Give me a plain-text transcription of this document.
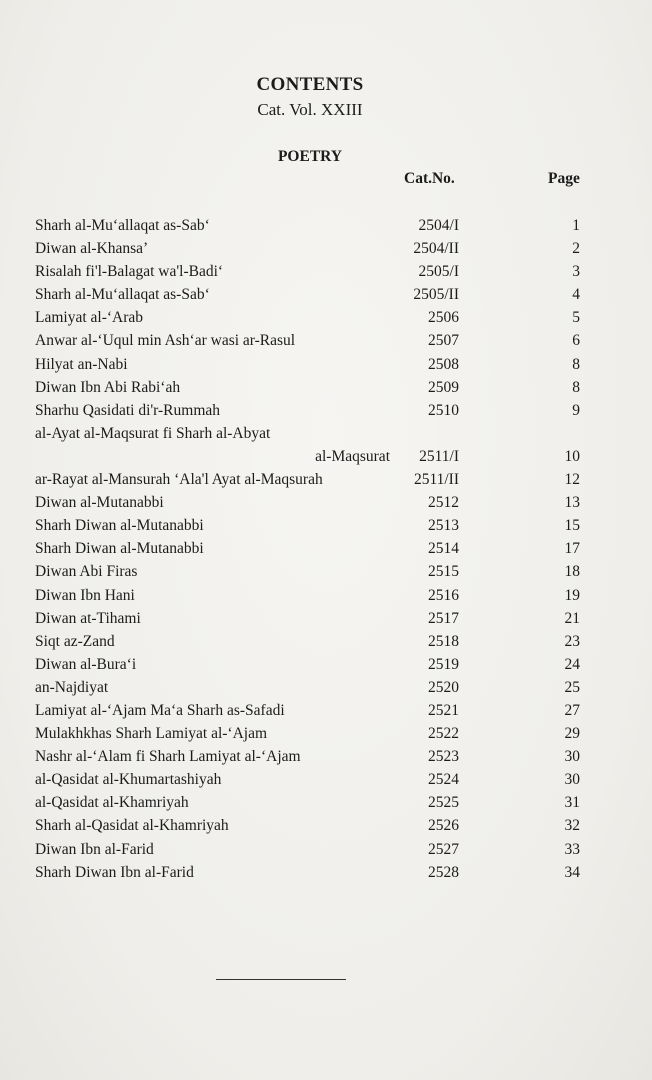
CONTENTS
Cat. Vol. XXIII
POETRY
Cat.No.	Page
Sharh al-Mu‘allaqat as-Sab‘	2504/I	1
Diwan al-Khansa’	2504/II	2
Risalah fi'l-Balagat wa'l-Badi‘	2505/I	3
Sharh al-Mu‘allaqat as-Sab‘	2505/II	4
Lamiyat al-‘Arab	2506	5
Anwar al-‘Uqul min Ash‘ar wasi ar-Rasul	2507	6
Hilyat an-Nabi	2508	8
Diwan Ibn Abi Rabi‘ah	2509	8
Sharhu Qasidati di'r-Rummah	2510	9
al-Ayat al-Maqsurat fi Sharh al-Abyat
al-Maqsurat 2511/I	10
ar-Rayat al-Mansurah ‘Ala'l Ayat al-Maqsurah	2511/II	12
Diwan al-Mutanabbi	2512	13
Sharh Diwan al-Mutanabbi	2513	15
Sharh Diwan al-Mutanabbi	2514	17
Diwan Abi Firas	2515	18
Diwan Ibn Hani	2516	19
Diwan at-Tihami	2517	21
Siqt az-Zand	2518	23
Diwan al-Bura‘i	2519	24
an-Najdiyat	2520	25
Lamiyat al-‘Ajam Ma‘a Sharh as-Safadi	2521	27
Mulakhkhas Sharh Lamiyat al-‘Ajam	2522	29
Nashr al-‘Alam fi Sharh Lamiyat al-‘Ajam	2523	30
al-Qasidat al-Khumartashiyah	2524	30
al-Qasidat al-Khamriyah	2525	31
Sharh al-Qasidat al-Khamriyah	2526	32
Diwan Ibn al-Farid	2527	33
Sharh Diwan Ibn al-Farid	2528	34
